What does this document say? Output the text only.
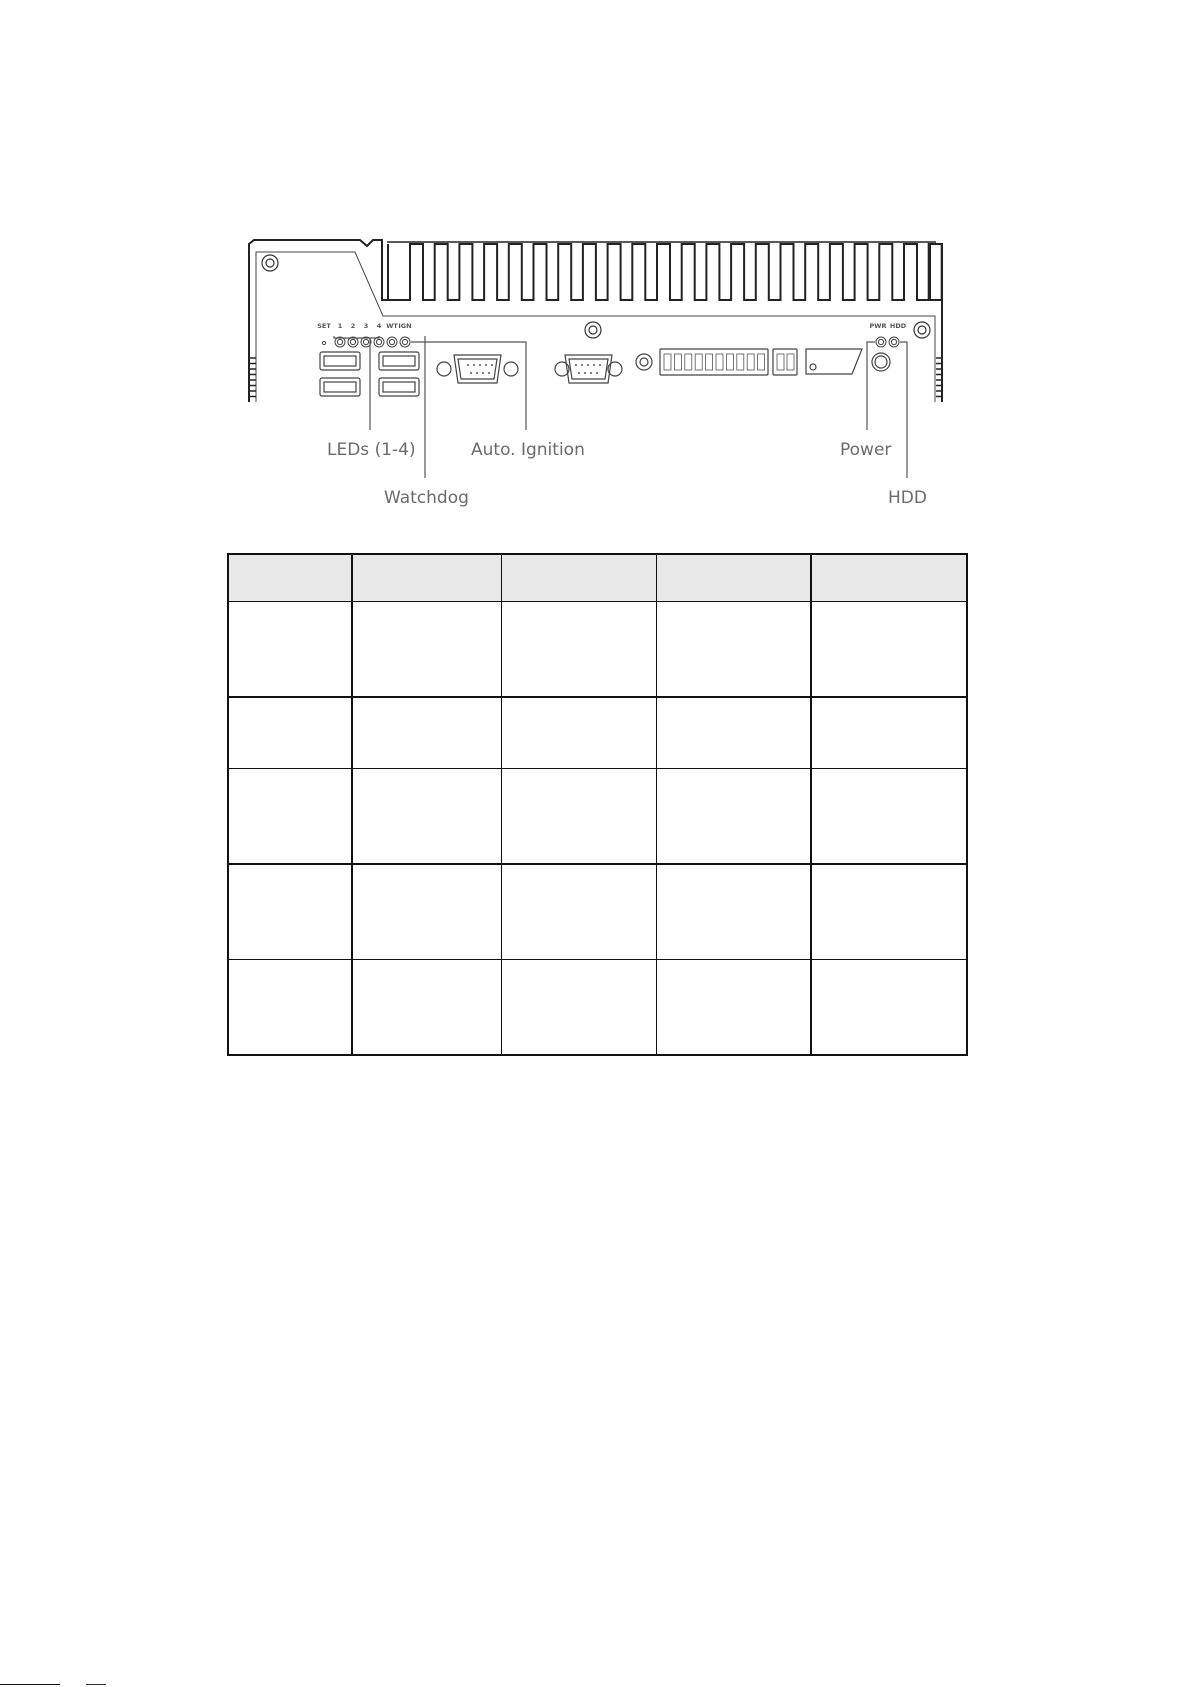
SET 1 2 3 4 WT IGN	PWR HDD
LEDs (1-4)
Watchdog
Auto. Ignition	Power
HDD
